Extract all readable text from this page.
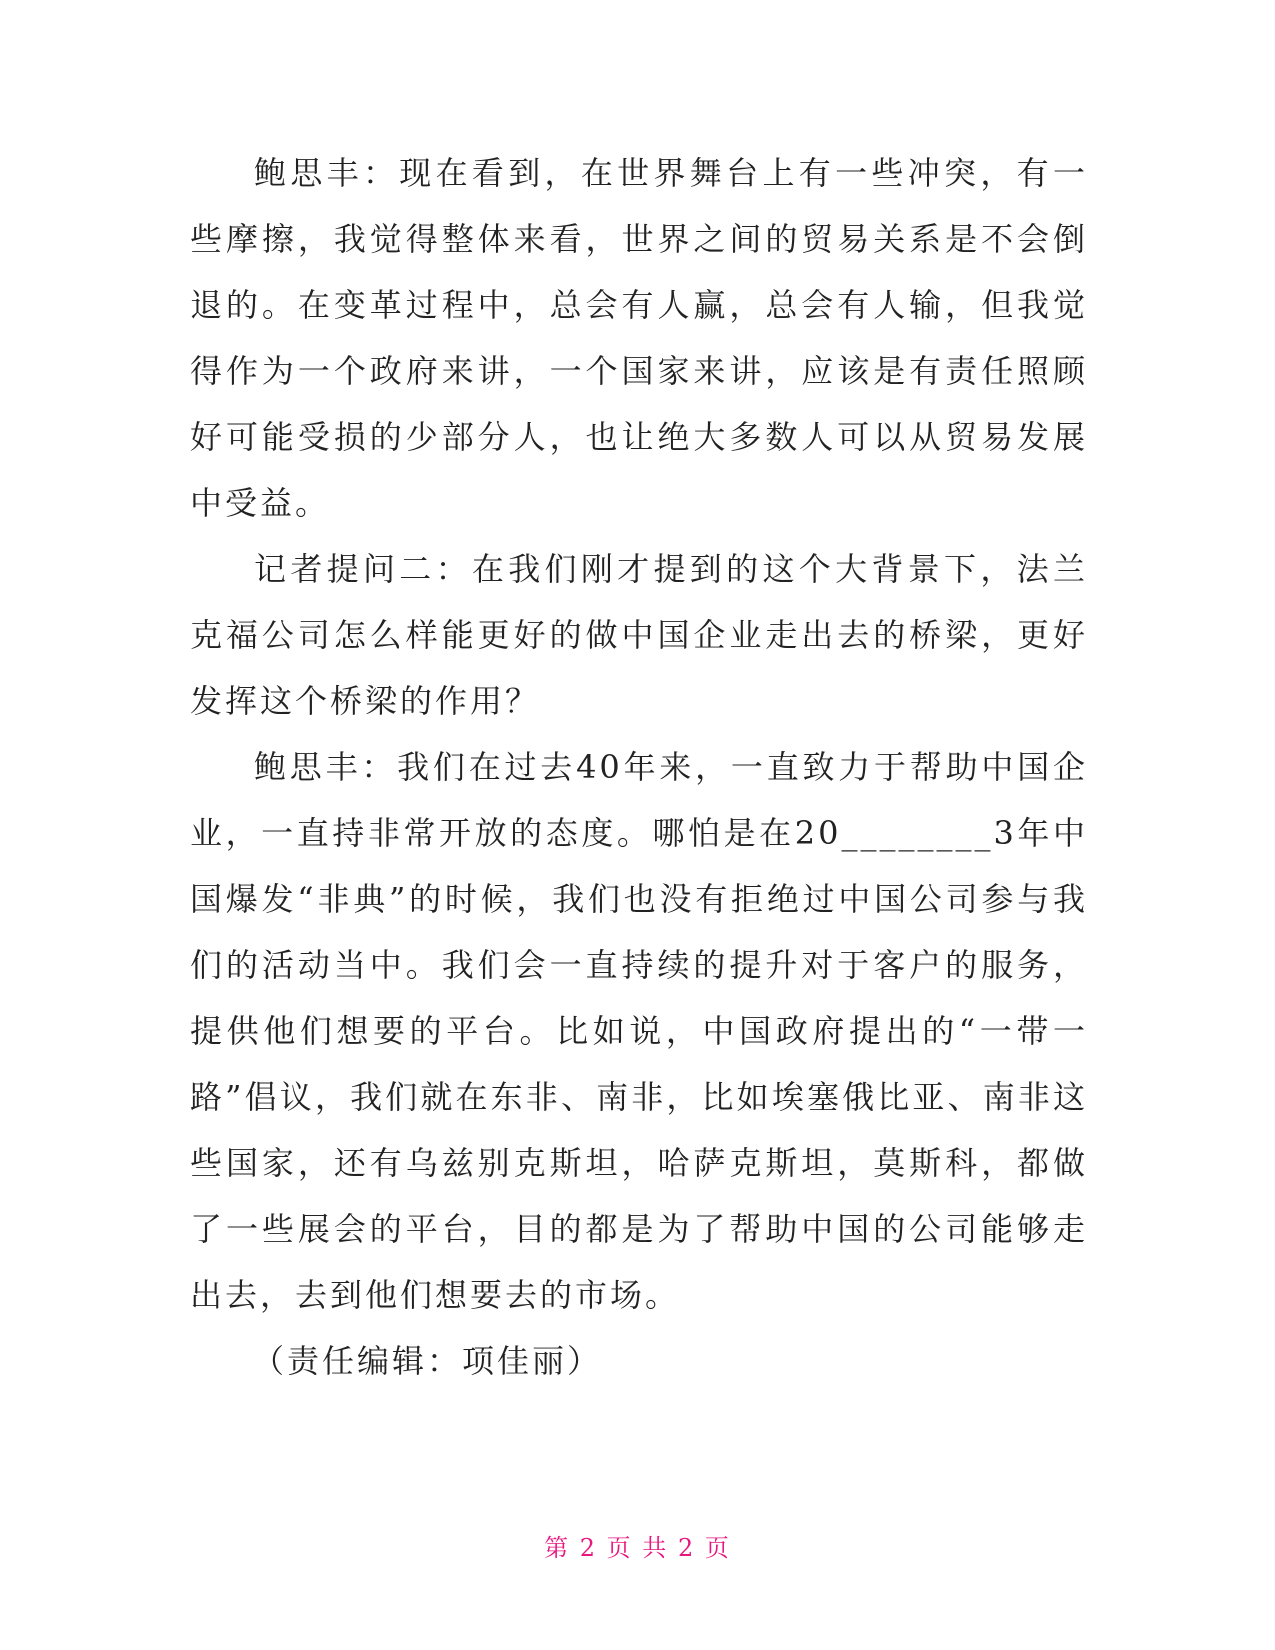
鲍思丰：现在看到，在世界舞台上有一些冲突，有一些摩擦，我觉得整体来看，世界之间的贸易关系是不会倒退的。在变革过程中，总会有人赢，总会有人输，但我觉得作为一个政府来讲，一个国家来讲，应该是有责任照顾好可能受损的少部分人，也让绝大多数人可以从贸易发展中受益。

记者提问二：在我们刚才提到的这个大背景下，法兰克福公司怎么样能更好的做中国企业走出去的桥梁，更好发挥这个桥梁的作用？

鲍思丰：我们在过去40年来，一直致力于帮助中国企业，一直持非常开放的态度。哪怕是在20________3年中国爆发“非典”的时候，我们也没有拒绝过中国公司参与我们的活动当中。我们会一直持续的提升对于客户的服务，提供他们想要的平台。比如说，中国政府提出的“一带一路”倡议，我们就在东非、南非，比如埃塞俄比亚、南非这些国家，还有乌兹别克斯坦，哈萨克斯坦，莫斯科，都做了一些展会的平台，目的都是为了帮助中国的公司能够走出去，去到他们想要去的市场。

（责任编辑：项佳丽）

第 2 页 共 2 页
